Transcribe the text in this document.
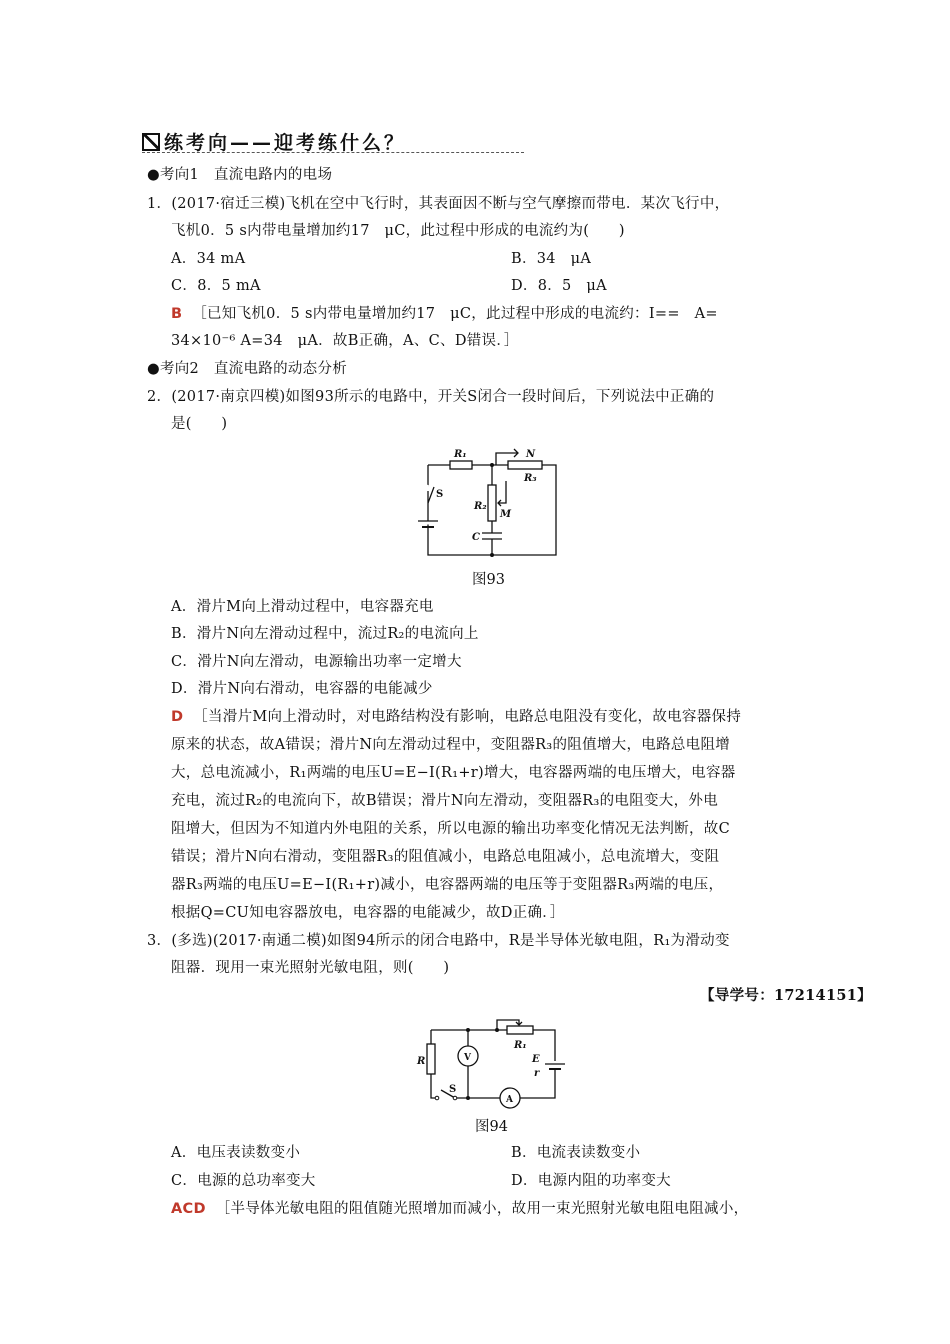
练考向——迎考练什么？
●考向1　直流电路内的电场
1．(2017·宿迁三模)飞机在空中飞行时，其表面因不断与空气摩擦而带电．某次飞行中，
飞机0．5 s内带电量增加约17　μC，此过程中形成的电流约为(　　)
A．34 mA	B．34　μA
C．8．5 mA	D．8．5　μA
B ［已知飞机0．5 s内带电量增加约17　μC，此过程中形成的电流约：I==　A=
34×10⁻⁶ A=34　μA．故B正确，A、C、D错误．］
●考向2　直流电路的动态分析
2．(2017·南京四模)如图93所示的电路中，开关S闭合一段时间后，下列说法中正确的
是(　　)
R₁	N
R₃
S
R₂
M
C
图93
A．滑片M向上滑动过程中，电容器充电
B．滑片N向左滑动过程中，流过R₂的电流向上
C．滑片N向左滑动，电源输出功率一定增大
D．滑片N向右滑动，电容器的电能减少
D ［当滑片M向上滑动时，对电路结构没有影响，电路总电阻没有变化，故电容器保持
原来的状态，故A错误；滑片N向左滑动过程中，变阻器R₃的阻值增大，电路总电阻增
大，总电流减小，R₁两端的电压U=E−I(R₁+r)增大，电容器两端的电压增大，电容器
充电，流过R₂的电流向下，故B错误；滑片N向左滑动，变阻器R₃的电阻变大，外电
阻增大，但因为不知道内外电阻的关系，所以电源的输出功率变化情况无法判断，故C
错误；滑片N向右滑动，变阻器R₃的阻值减小，电路总电阻减小，总电流增大，变阻
器R₃两端的电压U=E−I(R₁+r)减小，电容器两端的电压等于变阻器R₃两端的电压，
根据Q=CU知电容器放电，电容器的电能减少，故D正确．］
3．(多选)(2017·南通二模)如图94所示的闭合电路中，R是半导体光敏电阻，R₁为滑动变
阻器．现用一束光照射光敏电阻，则(　　)
【导学号：17214151】
R	V
R₁
E
r
S
A
图94
A．电压表读数变小	B．电流表读数变小
C．电源的总功率变大	D．电源内阻的功率变大
ACD ［半导体光敏电阻的阻值随光照增加而减小，故用一束光照射光敏电阻电阻减小，
